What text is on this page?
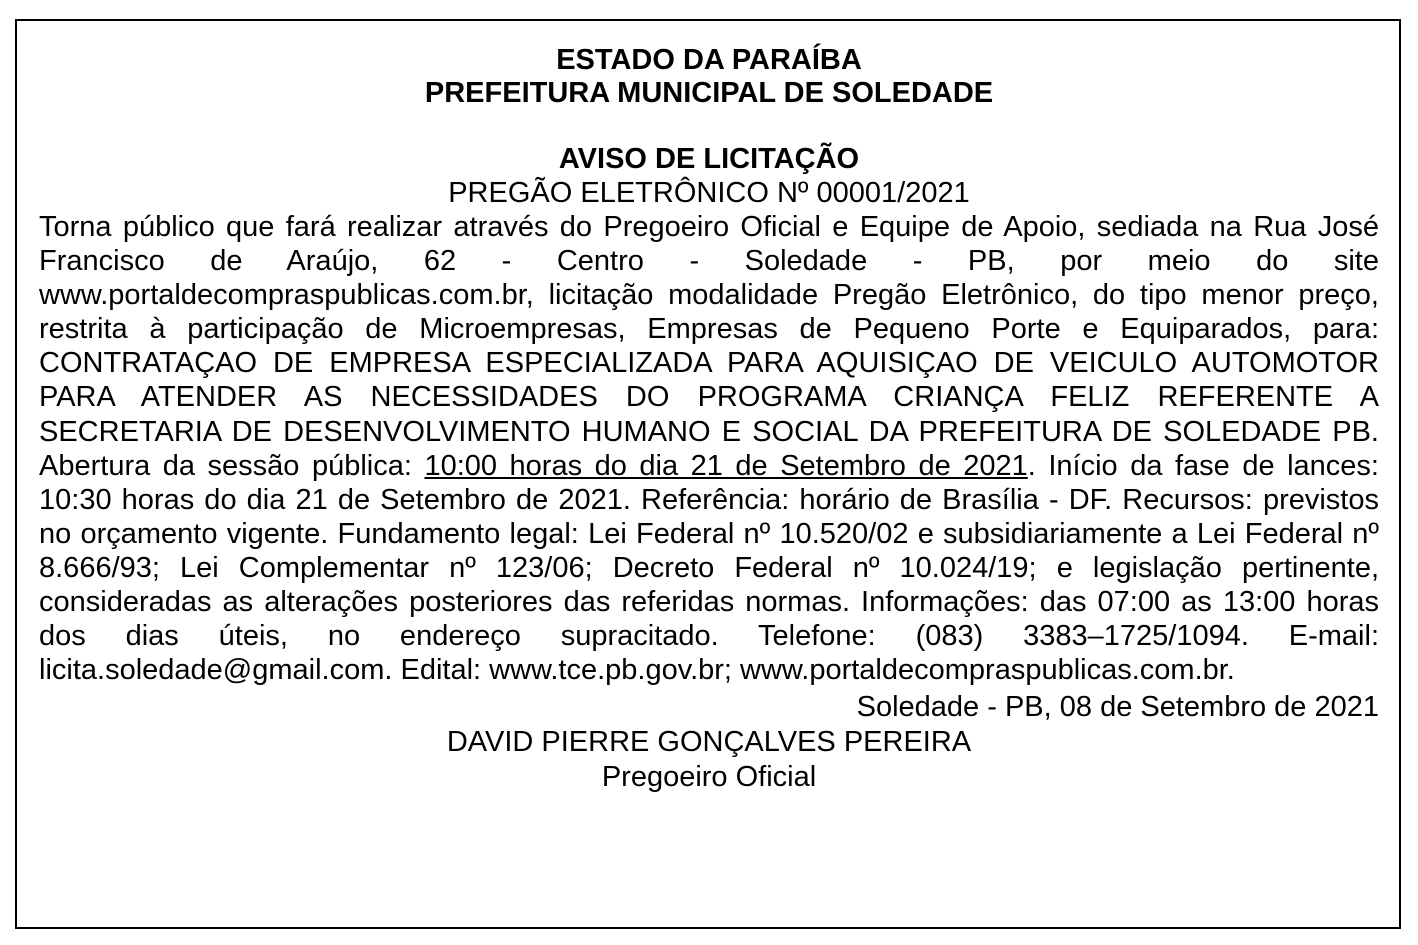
ESTADO DA PARAÍBA
PREFEITURA MUNICIPAL DE SOLEDADE
AVISO DE LICITAÇÃO
PREGÃO ELETRÔNICO Nº 00001/2021
Torna público que fará realizar através do Pregoeiro Oficial e Equipe de Apoio, sediada na Rua José Francisco de Araújo, 62 - Centro - Soledade - PB, por meio do site www.portaldecompraspublicas.com.br, licitação modalidade Pregão Eletrônico, do tipo menor preço, restrita à participação de Microempresas, Empresas de Pequeno Porte e Equiparados, para: CONTRATAÇAO DE EMPRESA ESPECIALIZADA PARA AQUISIÇAO DE VEICULO AUTOMOTOR PARA ATENDER AS NECESSIDADES DO PROGRAMA CRIANÇA FELIZ REFERENTE A SECRETARIA DE DESENVOLVIMENTO HUMANO E SOCIAL DA PREFEITURA DE SOLEDADE PB. Abertura da sessão pública: 10:00 horas do dia 21 de Setembro de 2021. Início da fase de lances: 10:30 horas do dia 21 de Setembro de 2021. Referência: horário de Brasília - DF. Recursos: previstos no orçamento vigente. Fundamento legal: Lei Federal nº 10.520/02 e subsidiariamente a Lei Federal nº 8.666/93; Lei Complementar nº 123/06; Decreto Federal nº 10.024/19; e legislação pertinente, consideradas as alterações posteriores das referidas normas. Informações: das 07:00 as 13:00 horas dos dias úteis, no endereço supracitado. Telefone: (083) 3383–1725/1094. E-mail: licita.soledade@gmail.com. Edital: www.tce.pb.gov.br; www.portaldecompraspublicas.com.br.
Soledade - PB, 08 de Setembro de 2021
DAVID PIERRE GONÇALVES PEREIRA
Pregoeiro Oficial
